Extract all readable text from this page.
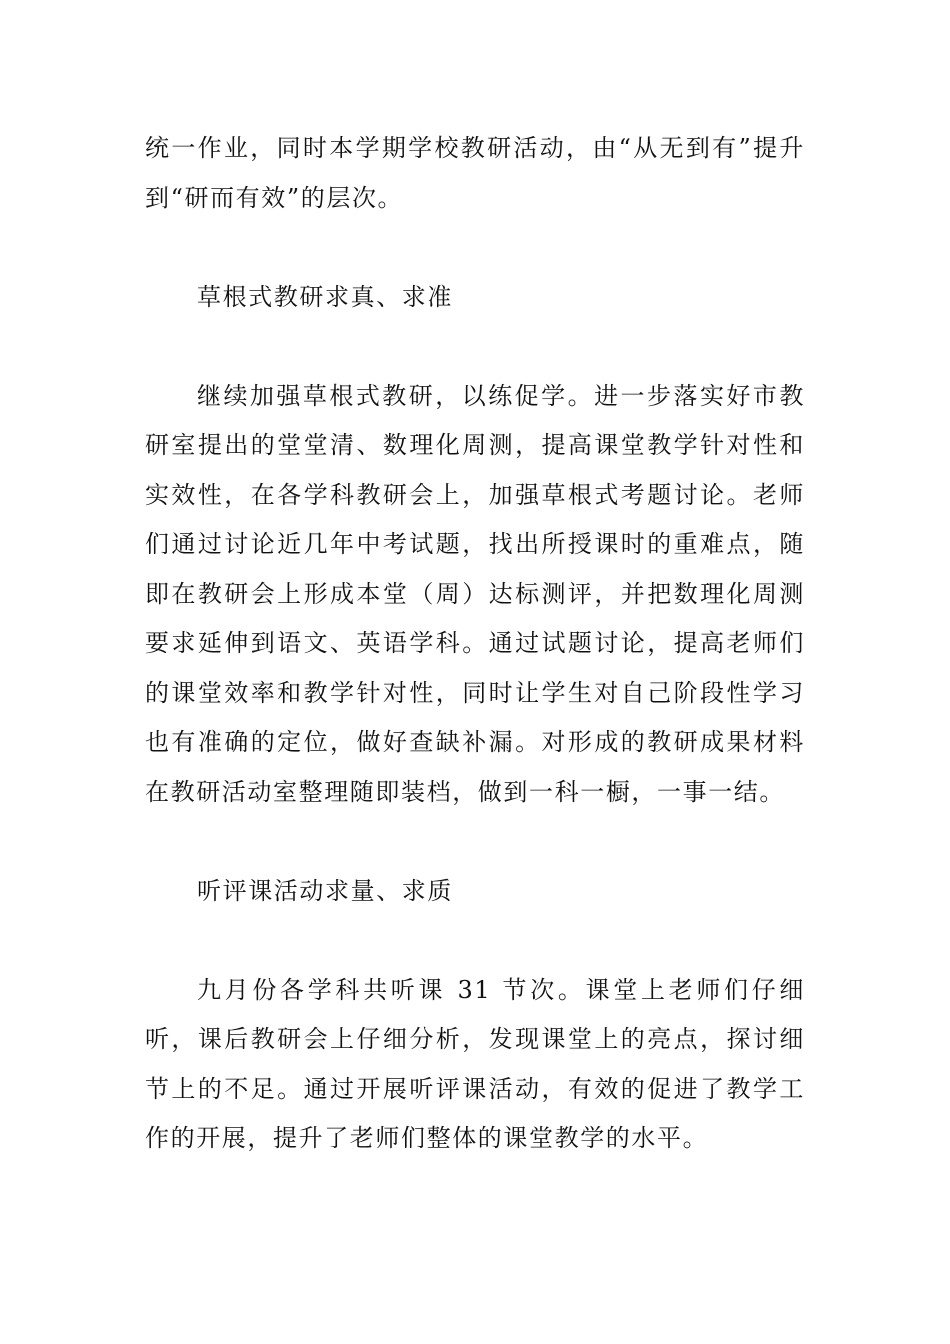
统一作业，同时本学期学校教研活动，由“从无到有”提升到“研而有效”的层次。

草根式教研求真、求准

继续加强草根式教研，以练促学。进一步落实好市教研室提出的堂堂清、数理化周测，提高课堂教学针对性和实效性，在各学科教研会上，加强草根式考题讨论。老师们通过讨论近几年中考试题，找出所授课时的重难点，随即在教研会上形成本堂（周）达标测评，并把数理化周测要求延伸到语文、英语学科。通过试题讨论，提高老师们的课堂效率和教学针对性，同时让学生对自己阶段性学习也有准确的定位，做好查缺补漏。对形成的教研成果材料在教研活动室整理随即装档，做到一科一橱，一事一结。

听评课活动求量、求质

九月份各学科共听课 31 节次。课堂上老师们仔细听，课后教研会上仔细分析，发现课堂上的亮点，探讨细节上的不足。通过开展听评课活动，有效的促进了教学工作的开展，提升了老师们整体的课堂教学的水平。
